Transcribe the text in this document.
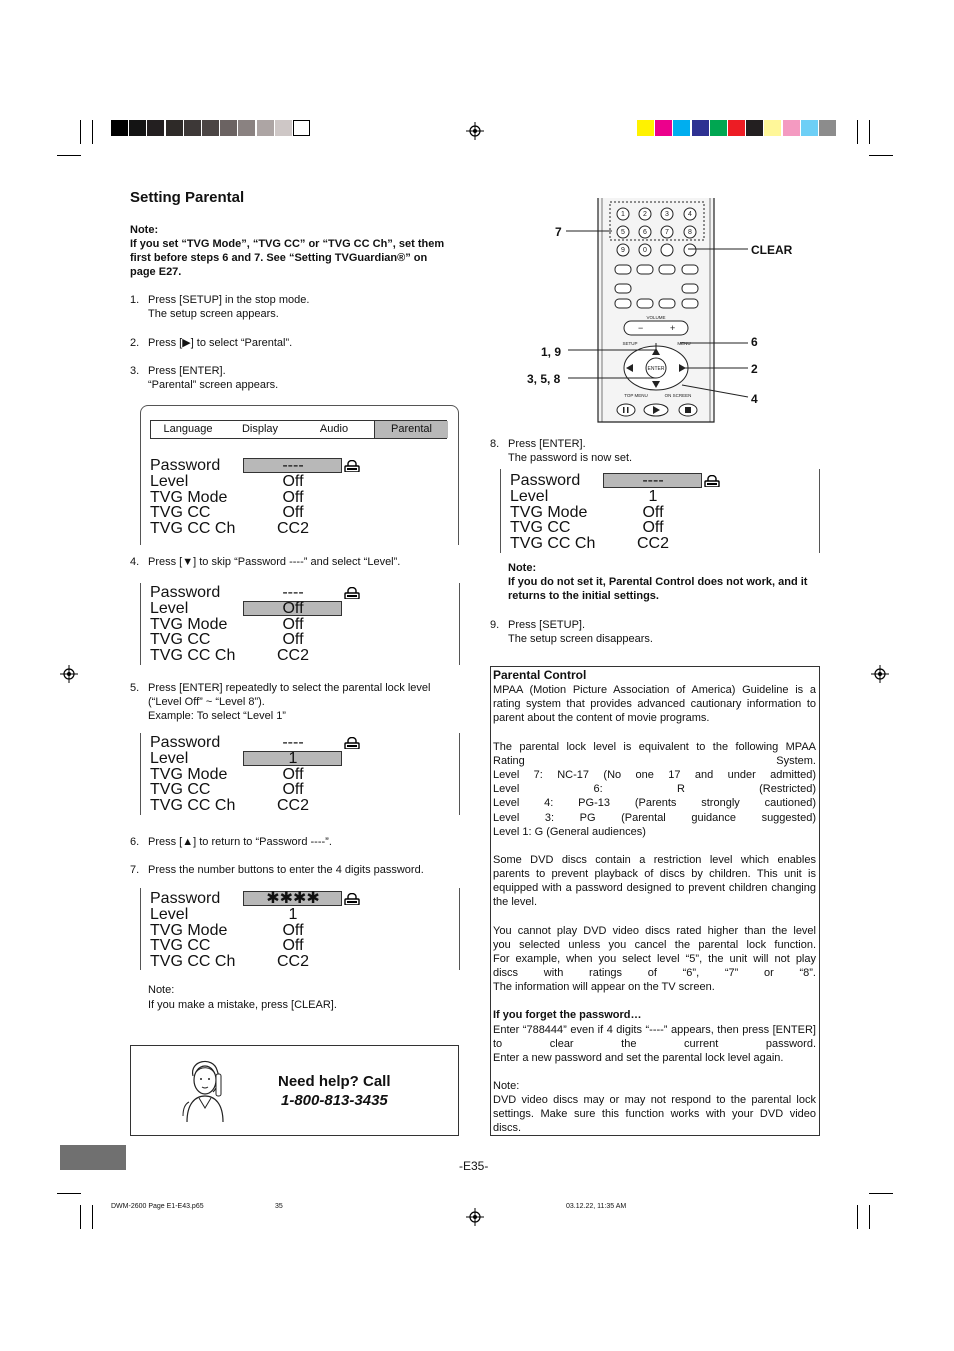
Setting Parental
Note:
If you set “TVG Mode”, “TVG CC” or “TVG CC Ch”, set them
first before steps 6 and 7. See “Setting TVGuardian®” on
page E27.
1. Press [SETUP] in the stop mode.
The setup screen appears.
2. Press [▶] to select “Parental”.
3. Press [ENTER].
“Parental” screen appears.
Language	Display	Audio	Parental
Password	----
Level	Off
TVG Mode	Off
TVG CC	Off
TVG CC Ch	CC2
Password	----
Level	Off
TVG Mode	Off
TVG CC	Off
TVG CC Ch	CC2
Password	----
Level	1
TVG Mode	Off
TVG CC	Off
TVG CC Ch	CC2
Password	✱✱✱✱
Level	1
TVG Mode	Off
TVG CC	Off
TVG CC Ch	CC2
Password	----
Level	1
TVG Mode	Off
TVG CC	Off
TVG CC Ch	CC2
4. Press [▼] to skip “Password ----” and select “Level”.
5. Press [ENTER] repeatedly to select the parental lock level
(“Level Off” ~ “Level 8”).
Example: To select “Level 1”
6. Press [▲] to return to “Password ----”.
7. Press the number buttons to enter the 4 digits password.
Note:
If you make a mistake, press [CLEAR].
Need help? Call
1-800-813-3435
1	2	3	4
5	6	7	8
9	0
ENTER
VOLUME
SETUP	MENU
TOP MENU	ON SCREEN
−	+
7
CLEAR
1, 9
6
3, 5, 8
2
4
8. Press [ENTER].
The password is now set.
Note:
If you do not set it, Parental Control does not work, and it
returns to the initial settings.
9. Press [SETUP].
The setup screen disappears.
Parental Control
MPAA (Motion Picture Association of America) Guideline is a
rating system that provides advanced cautionary information to
parent about the content of movie programs.
The parental lock level is equivalent to the following MPAA
Rating System.
Level 7: NC-17 (No one 17 and under admitted)
Level 6: R (Restricted)
Level 4: PG-13 (Parents strongly cautioned)
Level 3: PG (Parental guidance suggested)
Level 1: G (General audiences)
Some DVD discs contain a restriction level which enables
parents to prevent playback of discs by children. This unit is
equipped with a password designed to prevent children changing
the level.
You cannot play DVD video discs rated higher than the level
you selected unless you cancel the parental lock function.
For example, when you select level “5”, the unit will not play
discs with ratings of “6”, “7” or “8”.
The information will appear on the TV screen.
If you forget the password…
Enter “788444” even if 4 digits “----” appears, then press [ENTER]
to clear the current password.
Enter a new password and set the parental lock level again.
Note:
DVD video discs may or may not respond to the parental lock
settings. Make sure this function works with your DVD video
discs.
-E35-
DWM-2600 Page E1-E43.p65	35	03.12.22, 11:35 AM
